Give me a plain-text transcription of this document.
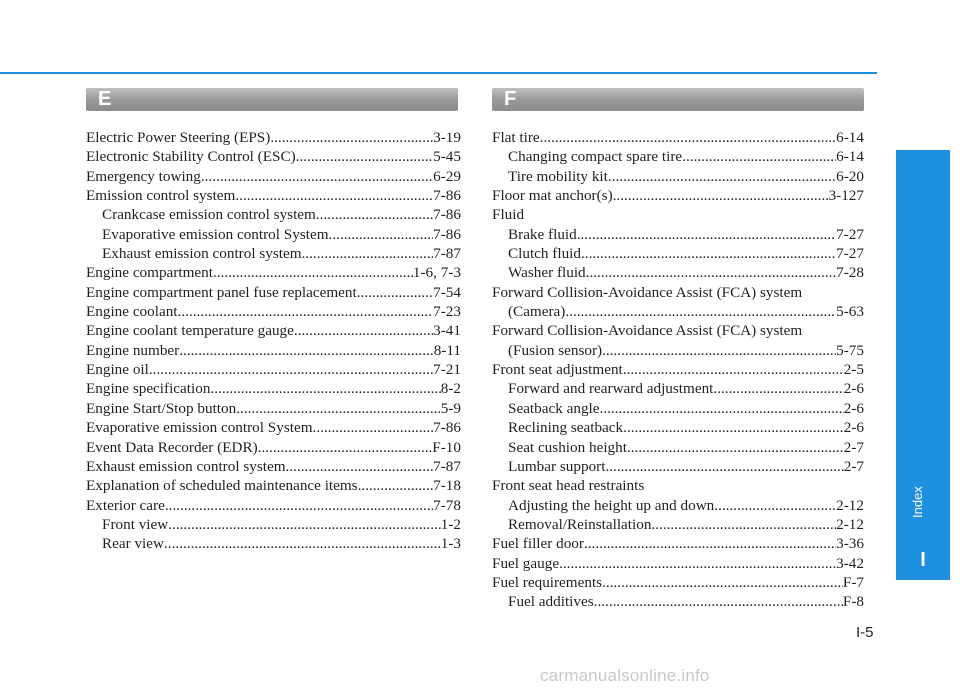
E	F
Electric Power Steering (EPS) .....	3-19
Electronic Stability Control (ESC) .....	5-45
Emergency towing .....	6-29
Emission control system .....	7-86
Crankcase emission control system .....	7-86
Evaporative emission control System .....	7-86
Exhaust emission control system .....	7-87
Engine compartment .....	1-6, 7-3
Engine compartment panel fuse replacement .....	7-54
Engine coolant .....	7-23
Engine coolant temperature gauge .....	3-41
Engine number .....	8-11
Engine oil .....	7-21
Engine specification .....	8-2
Engine Start/Stop button .....	5-9
Evaporative emission control System .....	7-86
Event Data Recorder (EDR) .....	F-10
Exhaust emission control system .....	7-87
Explanation of scheduled maintenance items .....	7-18
Exterior care .....	7-78
Front view .....	1-2
Rear view .....	1-3
Flat tire .....	6-14
Changing compact spare tire .....	6-14
Tire mobility kit .....	6-20
Floor mat anchor(s) .....	3-127
Fluid
Brake fluid .....	7-27
Clutch fluid .....	7-27
Washer fluid .....	7-28
Forward Collision-Avoidance Assist (FCA) system
(Camera) .....	5-63
Forward Collision-Avoidance Assist (FCA) system
(Fusion sensor) .....	5-75
Front seat adjustment .....	2-5
Forward and rearward adjustment .....	2-6
Seatback angle .....	2-6
Reclining seatback .....	2-6
Seat cushion height .....	2-7
Lumbar support .....	2-7
Front seat head restraints
Adjusting the height up and down .....	2-12
Removal/Reinstallation .....	2-12
Fuel filler door .....	3-36
Fuel gauge .....	3-42
Fuel requirements .....	F-7
Fuel additives .....	F-8
Index
I
I-5
carmanualsonline.info
